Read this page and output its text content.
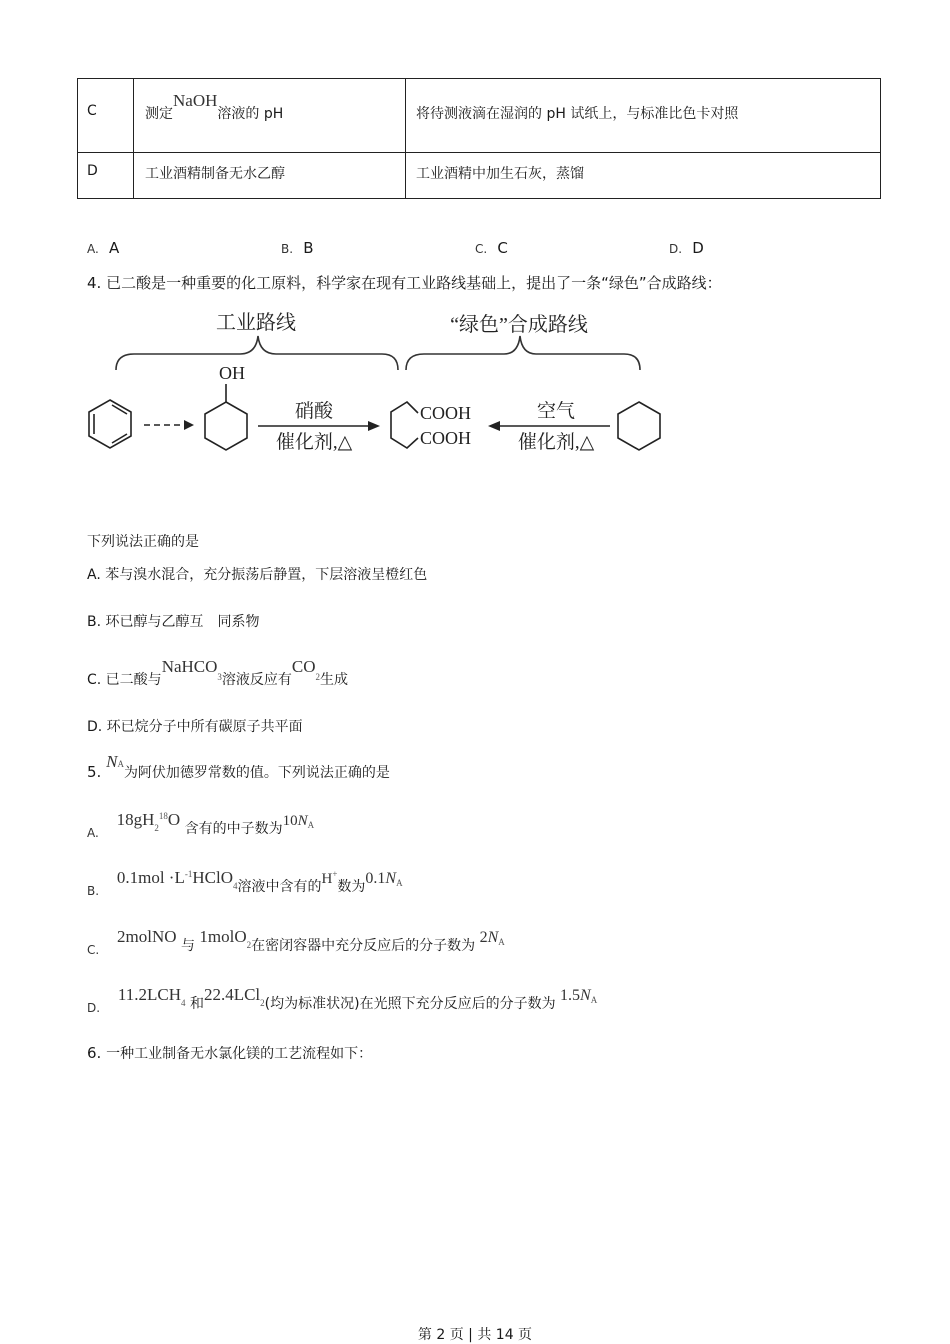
C	测定NaOH溶液的 pH	将待测液滴在湿润的 pH 试纸上，与标准比色卡对照
D	工业酒精制备无水乙醇	工业酒精中加生石灰，蒸馏
A. A	B. B	C. C	D. D
4. 已二酸是一种重要的化工原料，科学家在现有工业路线基础上，提出了一条“绿色”合成路线：
工业路线	“绿色”合成路线
OH
硝酸
催化剂,△
COOH
COOH
空气
催化剂,△
下列说法正确的是
A. 苯与溴水混合，充分振荡后静置，下层溶液呈橙红色
B. 环已醇与乙醇互　同系物
C. 已二酸与NaHCO$_3$溶液反应有$CO_2$生成
D. 环已烷分子中所有碳原子共平面
5. NA为阿伏加德罗常数的值。下列说法正确的是
A.    $18gH_2^{18}O$ 含有的中子数为$10N_A$
B.    $0.1mol \cdot L^{-1}HClO_4$溶液中含有的H+数为$0.1N_A$
C.    2molNO 与 1molO$_2$在密闭容器中充分反应后的分子数为 $2N_A$
D.    $11.2LCH_4$ 和22.4LCl$_2$(均为标准状况)在光照下充分反应后的分子数为 $1.5N_A$
6. 一种工业制备无水氯化镁的工艺流程如下：
第 2 页 | 共 14 页
